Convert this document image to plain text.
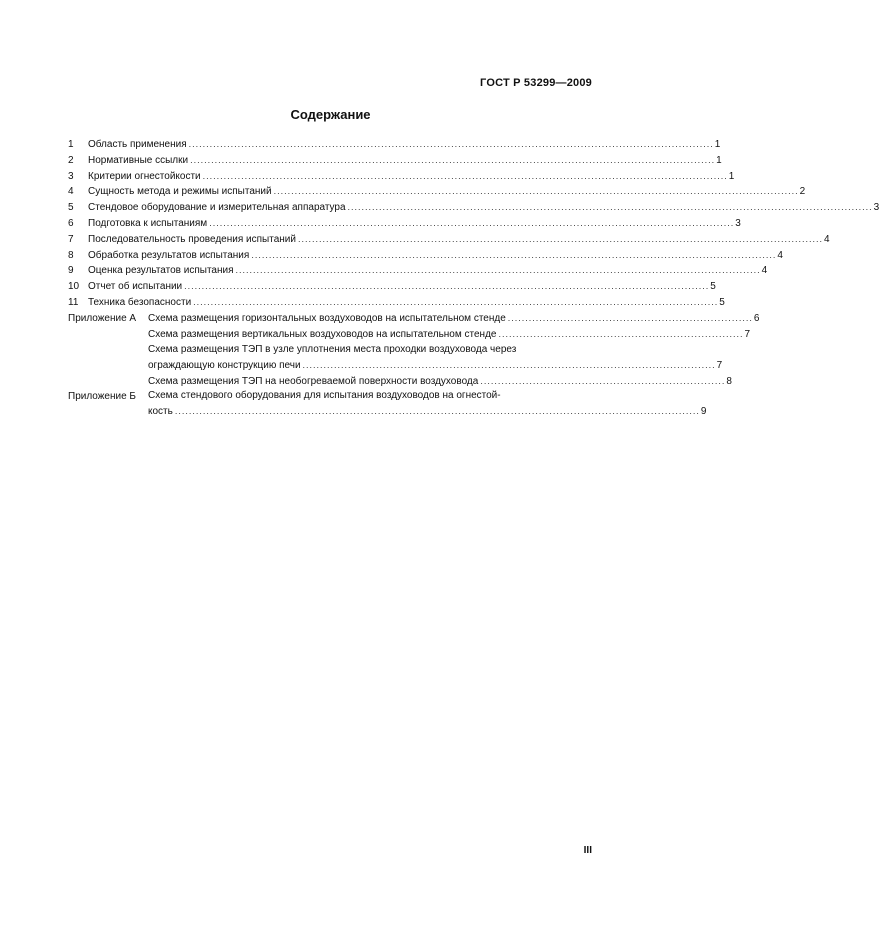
ГОСТ Р 53299—2009
Содержание
1 Область применения ...................................................................................................................................................... 1
2 Нормативные ссылки ...................................................................................................................................................... 1
3 Критерии огнестойкости ...................................................................................................................................................... 1
4 Сущность метода и режимы испытаний ...................................................................................................................................................... 2
5 Стендовое оборудование и измерительная аппаратура ...................................................................................................................................................... 3
6 Подготовка к испытаниям ...................................................................................................................................................... 3
7 Последовательность проведения испытаний ...................................................................................................................................................... 4
8 Обработка результатов испытания ...................................................................................................................................................... 4
9 Оценка результатов испытания ...................................................................................................................................................... 4
10 Отчет об испытании ...................................................................................................................................................... 5
11 Техника безопасности ...................................................................................................................................................... 5
Приложение А Схема размещения горизонтальных воздуховодов на испытательном стенде ...................................................................... 6
Схема размещения вертикальных воздуховодов на испытательном стенде ...................................................................... 7
Схема размещения ТЭП в узле уплотнения места проходки воздуховода через
ограждающую конструкцию печи ...................................................................................................................... 7
Схема размещения ТЭП на необогреваемой поверхности воздуховода ...................................................................... 8
Приложение Б Схема стендового оборудования для испытания воздуховодов на огнестой-
кость ...................................................................................................................................................... 9
III
